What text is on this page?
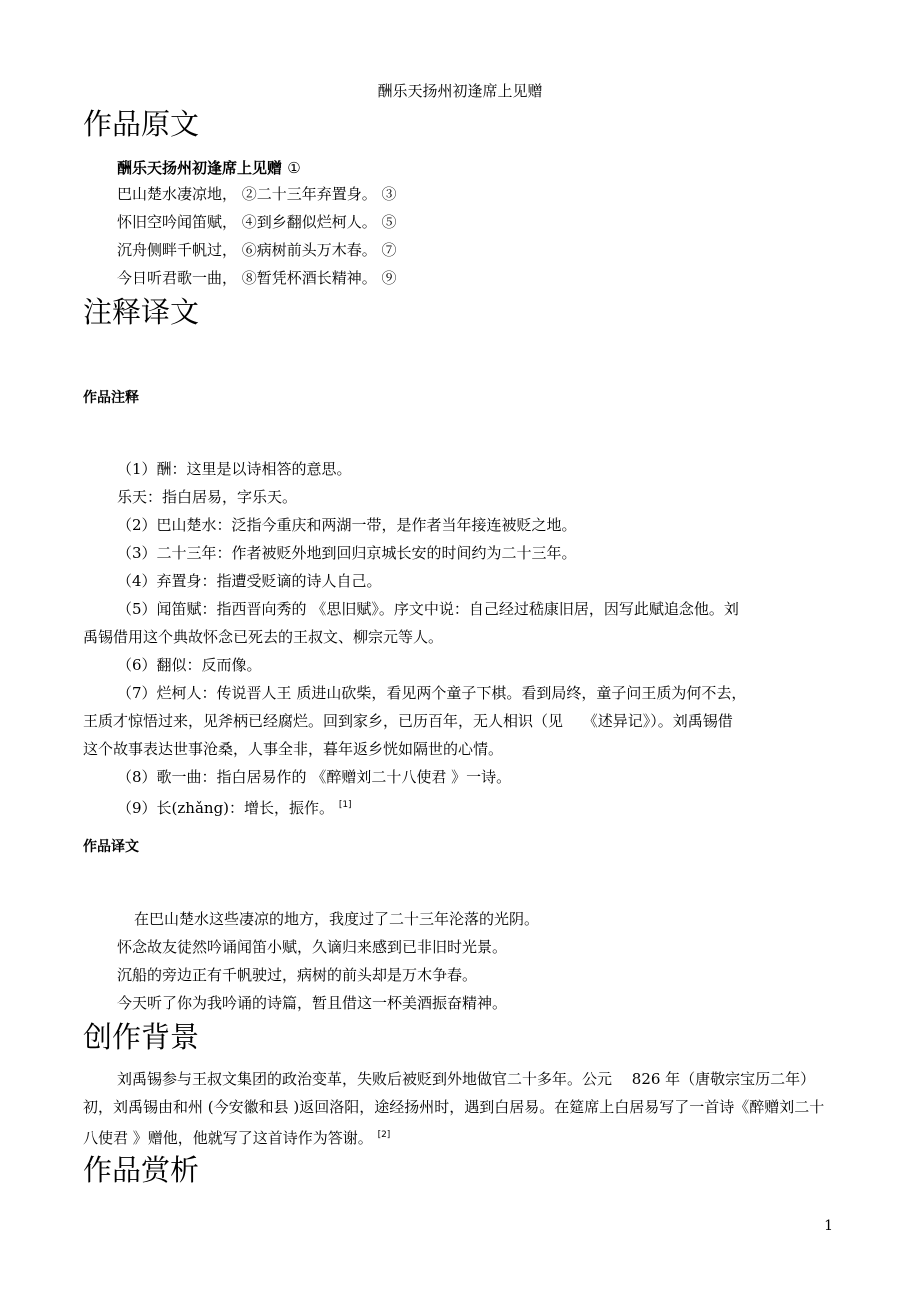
酬乐天扬州初逢席上见赠
作品原文
酬乐天扬州初逢席上见赠 ①
巴山楚水凄凉地， ②二十三年弃置身。 ③
怀旧空吟闻笛赋， ④到乡翻似烂柯人。 ⑤
沉舟侧畔千帆过， ⑥病树前头万木春。 ⑦
今日听君歌一曲， ⑧暂凭杯酒长精神。 ⑨
注释译文
作品注释
（1）酬：这里是以诗相答的意思。
乐天：指白居易，字乐天。
（2）巴山楚水：泛指今重庆和两湖一带，是作者当年接连被贬之地。
（3）二十三年：作者被贬外地到回归京城长安的时间约为二十三年。
（4）弃置身：指遭受贬谪的诗人自己。
（5）闻笛赋：指西晋向秀的 《思旧赋》。序文中说：自己经过嵇康旧居，因写此赋追念他。刘
禹锡借用这个典故怀念已死去的王叔文、柳宗元等人。
（6）翻似：反而像。
（7）烂柯人：传说晋人王 质进山砍柴，看见两个童子下棋。看到局终，童子问王质为何不去，
王质才惊悟过来，见斧柄已经腐烂。回到家乡，已历百年，无人相识（见　 《述异记》）。刘禹锡借
这个故事表达世事沧桑，人事全非，暮年返乡恍如隔世的心情。
（8）歌一曲：指白居易作的 《醉赠刘二十八使君 》一诗。
（9）长(zhǎng)：增长，振作。 [1]
作品译文
在巴山楚水这些凄凉的地方，我度过了二十三年沦落的光阴。
怀念故友徒然吟诵闻笛小赋，久谪归来感到已非旧时光景。
沉船的旁边正有千帆驶过，病树的前头却是万木争春。
今天听了你为我吟诵的诗篇，暂且借这一杯美酒振奋精神。
创作背景
刘禹锡参与王叔文集团的政治变革，失败后被贬到外地做官二十多年。公元　 826 年（唐敬宗宝历二年）初，刘禹锡由和州 (今安徽和县 )返回洛阳，途经扬州时，遇到白居易。在筵席上白居易写了一首诗《醉赠刘二十八使君 》赠他，他就写了这首诗作为答谢。 [2]
作品赏析
1
